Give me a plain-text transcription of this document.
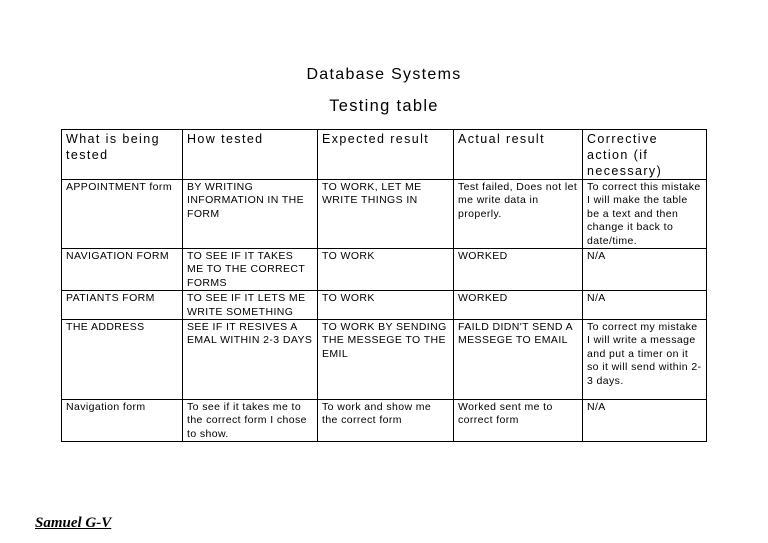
Database Systems
Testing table
What is being tested	How tested	Expected result	Actual result	Corrective action (if necessary)
APPOINTMENT form	BY WRITING INFORMATION IN THE FORM	TO WORK, LET ME WRITE THINGS IN	Test failed, Does not let me write data in properly.	To correct this mistake I will make the table be a text and then change it back to date/time.
NAVIGATION FORM	TO SEE IF IT TAKES ME TO THE CORRECT FORMS	TO WORK	WORKED	N/A
PATIANTS FORM	TO SEE IF IT LETS ME WRITE SOMETHING	TO WORK	WORKED	N/A
THE ADDRESS	SEE IF IT RESIVES A EMAL WITHIN 2-3 DAYS	TO WORK BY SENDING THE MESSEGE TO THE EMIL	FAILD DIDN'T SEND A MESSEGE TO EMAIL	To correct my mistake I will write a message and put a timer on it so it will send within 2-3 days.
Navigation form	To see if it takes me to the correct form I chose to show.	To work and show me the correct form	Worked sent me to correct form	N/A
Samuel G-V
